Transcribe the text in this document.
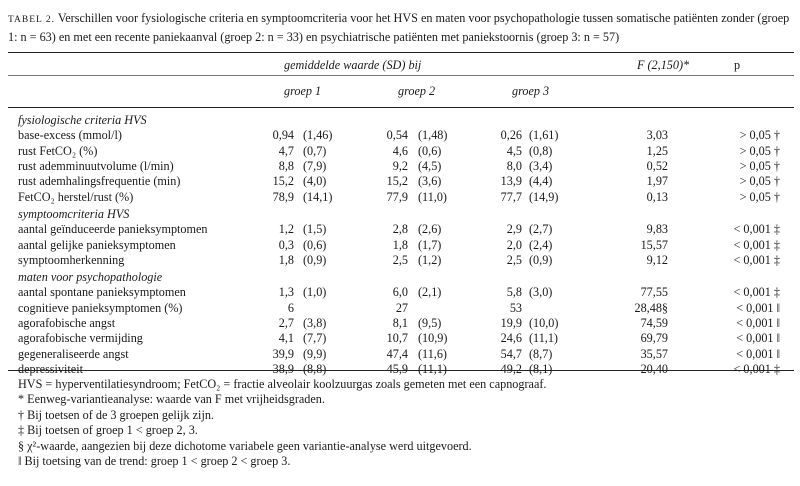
TABEL 2. Verschillen voor fysiologische criteria en symptoomcriteria voor het HVS en maten voor psychopathologie tussen somatische patiënten zonder (groep 1: n = 63) en met een recente paniekaanval (groep 2: n = 33) en psychiatrische patiënten met paniekstoornis (groep 3: n = 57)
gemiddelde waarde (SD) bij	F (2,150)*	p
groep 1	groep 2	groep 3
fysiologische criteria HVS
base-excess (mmol/l)	0,94 (1,46)	0,54 (1,48)	0,26 (1,61)	3,03	> 0,05 †
rust FetCO₂ (%)	4,7 (0,7)	4,6 (0,6)	4,5 (0,8)	1,25	> 0,05 †
rust ademminuutvolume (l/min)	8,8 (7,9)	9,2 (4,5)	8,0 (3,4)	0,52	> 0,05 †
rust ademhalingsfrequentie (min)	15,2 (4,0)	15,2 (3,6)	13,9 (4,4)	1,97	> 0,05 †
FetCO₂ herstel/rust (%)	78,9 (14,1)	77,9 (11,0)	77,7 (14,9)	0,13	> 0,05 †
symptoomcriteria HVS
aantal geïnduceerde panieksymptomen	1,2 (1,5)	2,8 (2,6)	2,9 (2,7)	9,83	< 0,001 ‡
aantal gelijke panieksymptomen	0,3 (0,6)	1,8 (1,7)	2,0 (2,4)	15,57	< 0,001 ‡
symptoomherkenning	1,8 (0,9)	2,5 (1,2)	2,5 (0,9)	9,12	< 0,001 ‡
maten voor psychopathologie
aantal spontane panieksymptomen	1,3 (1,0)	6,0 (2,1)	5,8 (3,0)	77,55	< 0,001 ‡
cognitieve panieksymptomen (%)	6	27	53	28,48§	< 0,001 ‖
agorafobische angst	2,7 (3,8)	8,1 (9,5)	19,9 (10,0)	74,59	< 0,001 ‖
agorafobische vermijding	4,1 (7,7)	10,7 (10,9)	24,6 (11,1)	69,79	< 0,001 ‖
gegeneraliseerde angst	39,9 (9,9)	47,4 (11,6)	54,7 (8,7)	35,57	< 0,001 ‖
depressiviteit	38,9 (8,8)	45,9 (11,1)	49,2 (8,1)	20,40	< 0,001 ‡
HVS = hyperventilatiesyndroom; FetCO₂ = fractie alveolair koolzuurgas zoals gemeten met een capnograaf.
* Eenweg-variantieanalyse: waarde van F met vrijheidsgraden.
† Bij toetsen of de 3 groepen gelijk zijn.
‡ Bij toetsen of groep 1 < groep 2, 3.
§ χ²-waarde, aangezien bij deze dichotome variabele geen variantie-analyse werd uitgevoerd.
‖ Bij toetsing van de trend: groep 1 < groep 2 < groep 3.
